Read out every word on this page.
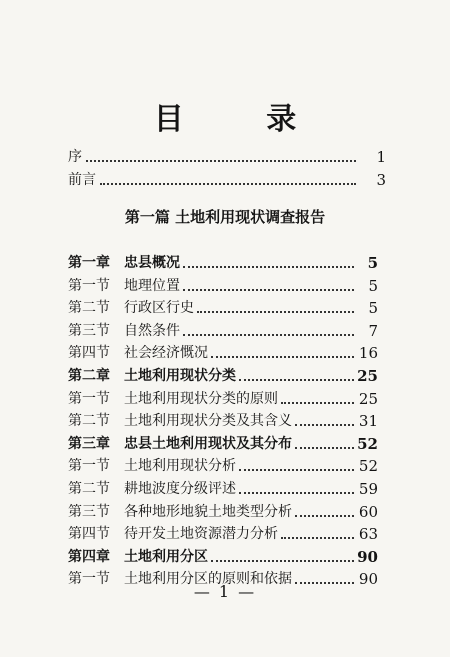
目 录
序	1
前言	3
第一篇 土地利用现状调查报告
第一章 忠县概况	5
第一节 地理位置	5
第二节 行政区行史	5
第三节 自然条件	7
第四节 社会经济慨况	16
第二章 土地利用现状分类	25
第一节 土地利用现状分类的原则	25
第二节 土地利用现状分类及其含义	31
第三章 忠县土地利用现状及其分布	52
第一节 土地利用现状分析	52
第二节 耕地波度分级评述	59
第三节 各种地形地貌土地类型分析	60
第四节 待开发土地资源潜力分析	63
第四章 土地利用分区	90
第一节 土地利用分区的原则和依据	90
— 1 —
